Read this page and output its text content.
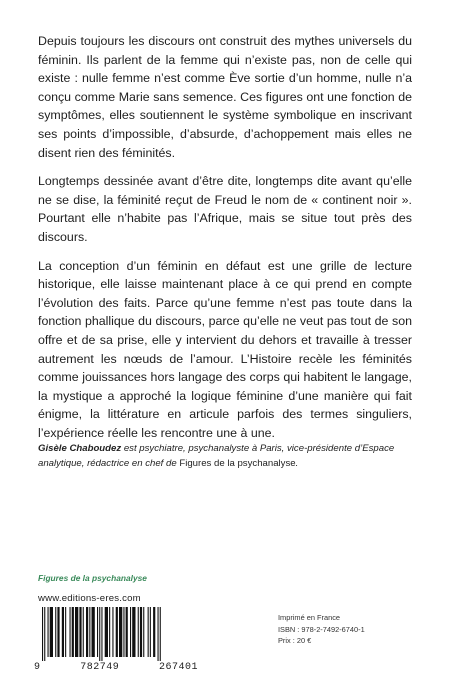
Depuis toujours les discours ont construit des mythes universels du féminin. Ils parlent de la femme qui n’existe pas, non de celle qui existe : nulle femme n’est comme Ève sortie d’un homme, nulle n’a conçu comme Marie sans semence. Ces figures ont une fonction de symptômes, elles soutiennent le système symbolique en inscrivant ses points d’impossible, d’absurde, d’achoppement mais elles ne disent rien des féminités.

Longtemps dessinée avant d’être dite, longtemps dite avant qu’elle ne se dise, la féminité reçut de Freud le nom de « continent noir ». Pourtant elle n’habite pas l’Afrique, mais se situe tout près des discours.

La conception d’un féminin en défaut est une grille de lecture historique, elle laisse maintenant place à ce qui prend en compte l’évolution des faits. Parce qu’une femme n’est pas toute dans la fonction phallique du discours, parce qu’elle ne veut pas tout de son offre et de sa prise, elle y intervient du dehors et travaille à tresser autrement les nœuds de l’amour. L’Histoire recèle les féminités comme jouissances hors langage des corps qui habitent le langage, la mystique a approché la logique féminine d’une manière qui fait énigme, la littérature en articule parfois des termes singuliers, l’expérience réelle les rencontre une à une.

Gisèle Chaboudez est psychiatre, psychanalyste à Paris, vice-présidente d’Espace analytique, rédactrice en chef de Figures de la psychanalyse.
Figures de la psychanalyse
www.editions-eres.com
9	782749	267401
Imprimé en France
ISBN : 978-2-7492-6740-1
Prix : 20 €
